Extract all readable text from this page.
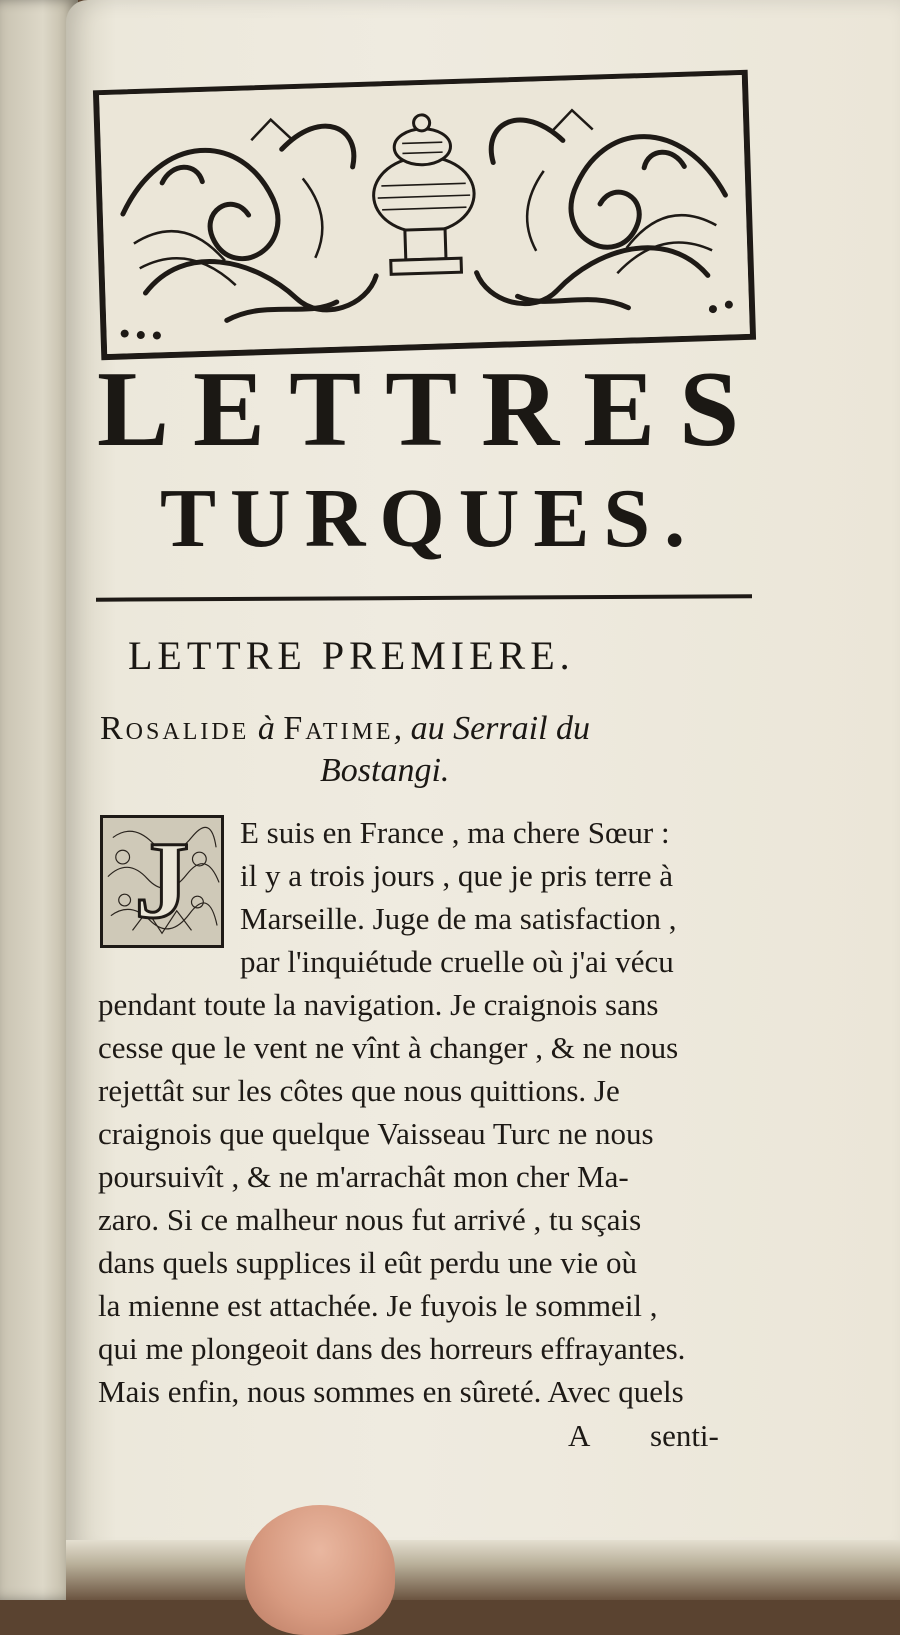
LETTRES
TURQUES.
LETTRE PREMIERE.
Rosalide à Fatime, au Serrail du
Bostangi.
J	E suis en France , ma chere Sœur :
il y a trois jours , que je pris terre à
Marseille. Juge de ma satisfaction ,
par l'inquiétude cruelle où j'ai vécu
pendant toute la navigation. Je craignois sans
cesse que le vent ne vînt à changer , & ne nous
rejettât sur les côtes que nous quittions. Je
craignois que quelque Vaisseau Turc ne nous
poursuivît , & ne m'arrachât mon cher Ma-
zaro. Si ce malheur nous fut arrivé , tu sçais
dans quels supplices il eût perdu une vie où
la mienne est attachée. Je fuyois le sommeil ,
qui me plongeoit dans des horreurs effrayantes.
Mais enfin, nous sommes en sûreté. Avec quels
A senti-
